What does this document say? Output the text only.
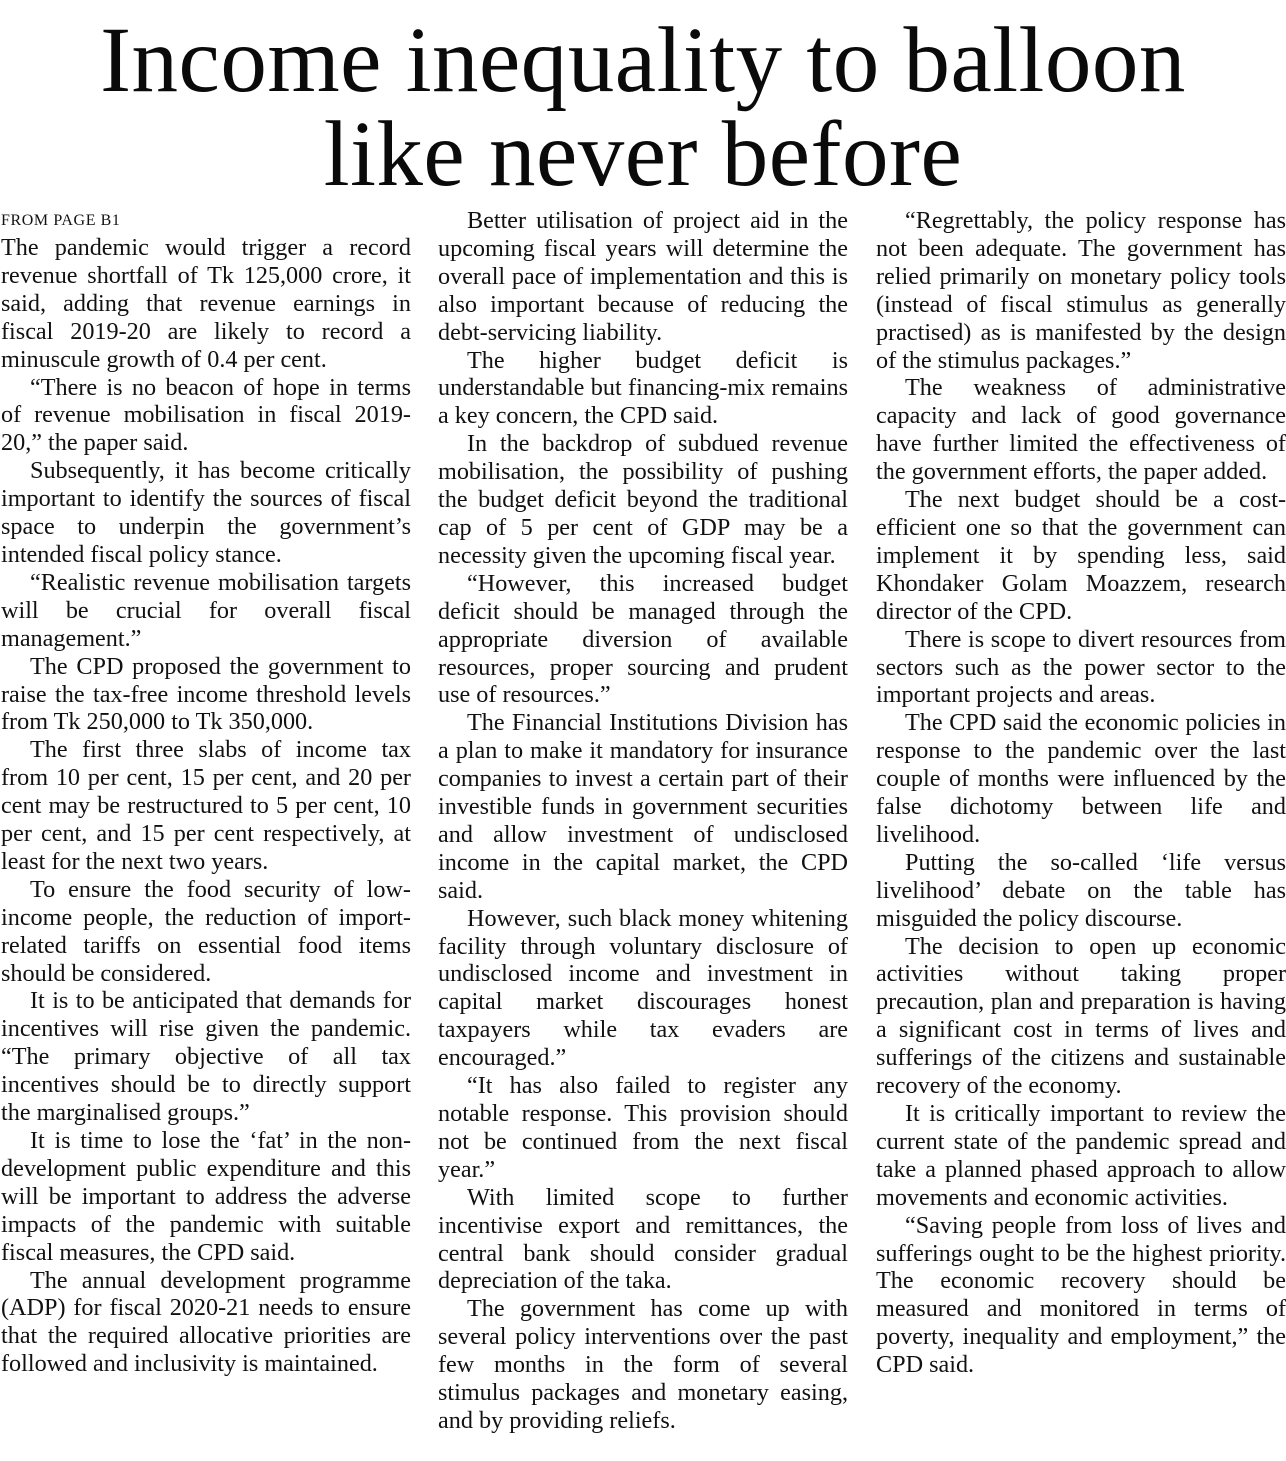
Income inequality to balloon
like never before
FROM PAGE B1

The pandemic would trigger a record revenue shortfall of Tk 125,000 crore, it said, adding that revenue earnings in fiscal 2019-20 are likely to record a minuscule growth of 0.4 per cent.

“There is no beacon of hope in terms of revenue mobilisation in fiscal 2019-20,” the paper said.

Subsequently, it has become critically important to identify the sources of fiscal space to underpin the government’s intended fiscal policy stance.

“Realistic revenue mobilisation targets will be crucial for overall fiscal management.”

The CPD proposed the government to raise the tax-free income threshold levels from Tk 250,000 to Tk 350,000.

The first three slabs of income tax from 10 per cent, 15 per cent, and 20 per cent may be restructured to 5 per cent, 10 per cent, and 15 per cent respectively, at least for the next two years.

To ensure the food security of low-income people, the reduction of import-related tariffs on essential food items should be considered.

It is to be anticipated that demands for incentives will rise given the pandemic. “The primary objective of all tax incentives should be to directly support the marginalised groups.”

It is time to lose the ‘fat’ in the non-development public expenditure and this will be important to address the adverse impacts of the pandemic with suitable fiscal measures, the CPD said.

The annual development programme (ADP) for fiscal 2020-21 needs to ensure that the required allocative priorities are followed and inclusivity is maintained.

Better utilisation of project aid in the upcoming fiscal years will determine the overall pace of implementation and this is also important because of reducing the debt-servicing liability.

The higher budget deficit is understandable but financing-mix remains a key concern, the CPD said.

In the backdrop of subdued revenue mobilisation, the possibility of pushing the budget deficit beyond the traditional cap of 5 per cent of GDP may be a necessity given the upcoming fiscal year.

“However, this increased budget deficit should be managed through the appropriate diversion of available resources, proper sourcing and prudent use of resources.”

The Financial Institutions Division has a plan to make it mandatory for insurance companies to invest a certain part of their investible funds in government securities and allow investment of undisclosed income in the capital market, the CPD said.

However, such black money whitening facility through voluntary disclosure of undisclosed income and investment in capital market discourages honest taxpayers while tax evaders are encouraged.”

“It has also failed to register any notable response. This provision should not be continued from the next fiscal year.”

With limited scope to further incentivise export and remittances, the central bank should consider gradual depreciation of the taka.

The government has come up with several policy interventions over the past few months in the form of several stimulus packages and monetary easing, and by providing reliefs.

“Regrettably, the policy response has not been adequate. The government has relied primarily on monetary policy tools (instead of fiscal stimulus as generally practised) as is manifested by the design of the stimulus packages.”

The weakness of administrative capacity and lack of good governance have further limited the effectiveness of the government efforts, the paper added.

The next budget should be a cost-efficient one so that the government can implement it by spending less, said Khondaker Golam Moazzem, research director of the CPD.

There is scope to divert resources from sectors such as the power sector to the important projects and areas.

The CPD said the economic policies in response to the pandemic over the last couple of months were influenced by the false dichotomy between life and livelihood.

Putting the so-called ‘life versus livelihood’ debate on the table has misguided the policy discourse.

The decision to open up economic activities without taking proper precaution, plan and preparation is having a significant cost in terms of lives and sufferings of the citizens and sustainable recovery of the economy.

It is critically important to review the current state of the pandemic spread and take a planned phased approach to allow movements and economic activities.

“Saving people from loss of lives and sufferings ought to be the highest priority. The economic recovery should be measured and monitored in terms of poverty, inequality and employment,” the CPD said.
